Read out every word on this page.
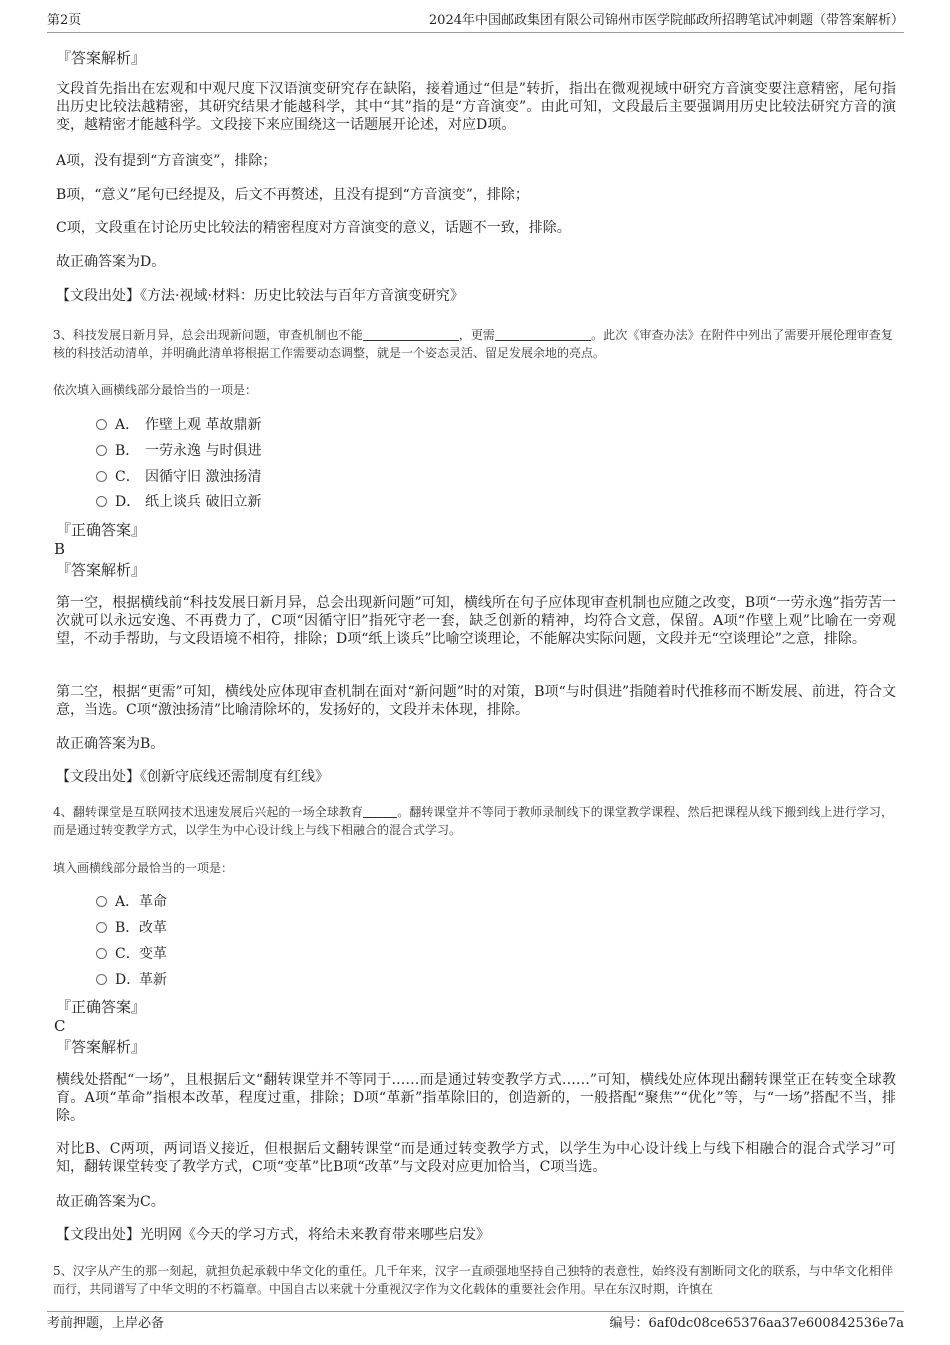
第2页	2024年中国邮政集团有限公司锦州市医学院邮政所招聘笔试冲刺题（带答案解析）
『答案解析』
文段首先指出在宏观和中观尺度下汉语演变研究存在缺陷，接着通过“但是”转折，指出在微观视域中研究方音演变要注意精密，尾句指出历史比较法越精密，其研究结果才能越科学，其中“其”指的是“方音演变”。由此可知，文段最后主要强调用历史比较法研究方音的演变，越精密才能越科学。文段接下来应围绕这一话题展开论述，对应D项。
A项，没有提到“方音演变”，排除；
B项，“意义”尾句已经提及，后文不再赘述，且没有提到“方音演变”，排除；
C项，文段重在讨论历史比较法的精密程度对方音演变的意义，话题不一致，排除。
故正确答案为D。
【文段出处】《方法·视域·材料：历史比较法与百年方音演变研究》
3、科技发展日新月异，总会出现新问题，审查机制也不能	，更需	。此次《审查办法》在附件中列出了需要开展伦理审查复核的科技活动清单，并明确此清单将根据工作需要动态调整，就是一个姿态灵活、留足发展余地的亮点。
依次填入画横线部分最恰当的一项是：
A． 作壁上观 革故鼎新
B． 一劳永逸 与时俱进
C． 因循守旧 激浊扬清
D． 纸上谈兵 破旧立新
『正确答案』
B
『答案解析』
第一空，根据横线前“科技发展日新月异，总会出现新问题”可知，横线所在句子应体现审查机制也应随之改变，B项“一劳永逸”指劳苦一次就可以永远安逸、不再费力了，C项“因循守旧”指死守老一套，缺乏创新的精神，均符合文意，保留。A项“作壁上观”比喻在一旁观望，不动手帮助，与文段语境不相符，排除；D项“纸上谈兵”比喻空谈理论，不能解决实际问题，文段并无“空谈理论”之意，排除。
第二空，根据“更需”可知，横线处应体现审查机制在面对“新问题”时的对策，B项“与时俱进”指随着时代推移而不断发展、前进，符合文意，当选。C项“激浊扬清”比喻清除坏的，发扬好的，文段并未体现，排除。
故正确答案为B。
【文段出处】《创新守底线还需制度有红线》
4、翻转课堂是互联网技术迅速发展后兴起的一场全球教育	。翻转课堂并不等同于教师录制线下的课堂教学课程、然后把课程从线下搬到线上进行学习，而是通过转变教学方式，以学生为中心设计线上与线下相融合的混合式学习。
填入画横线部分最恰当的一项是：
A．革命
B．改革
C．变革
D．革新
『正确答案』
C
『答案解析』
横线处搭配“一场”，且根据后文“翻转课堂并不等同于……而是通过转变教学方式……”可知，横线处应体现出翻转课堂正在转变全球教育。A项“革命”指根本改革，程度过重，排除；D项“革新”指革除旧的，创造新的，一般搭配“聚焦”“优化”等，与“一场”搭配不当，排除。
对比B、C两项，两词语义接近，但根据后文翻转课堂“而是通过转变教学方式，以学生为中心设计线上与线下相融合的混合式学习”可知，翻转课堂转变了教学方式，C项“变革”比B项“改革”与文段对应更加恰当，C项当选。
故正确答案为C。
【文段出处】光明网《今天的学习方式，将给未来教育带来哪些启发》
5、汉字从产生的那一刻起，就担负起承载中华文化的重任。几千年来，汉字一直顽强地坚持自己独特的表意性，始终没有割断同文化的联系，与中华文化相伴而行，共同谱写了中华文明的不朽篇章。中国自古以来就十分重视汉字作为文化载体的重要社会作用。早在东汉时期，许慎在
考前押题，上岸必备	编号：6af0dc08ce65376aa37e600842536e7a
